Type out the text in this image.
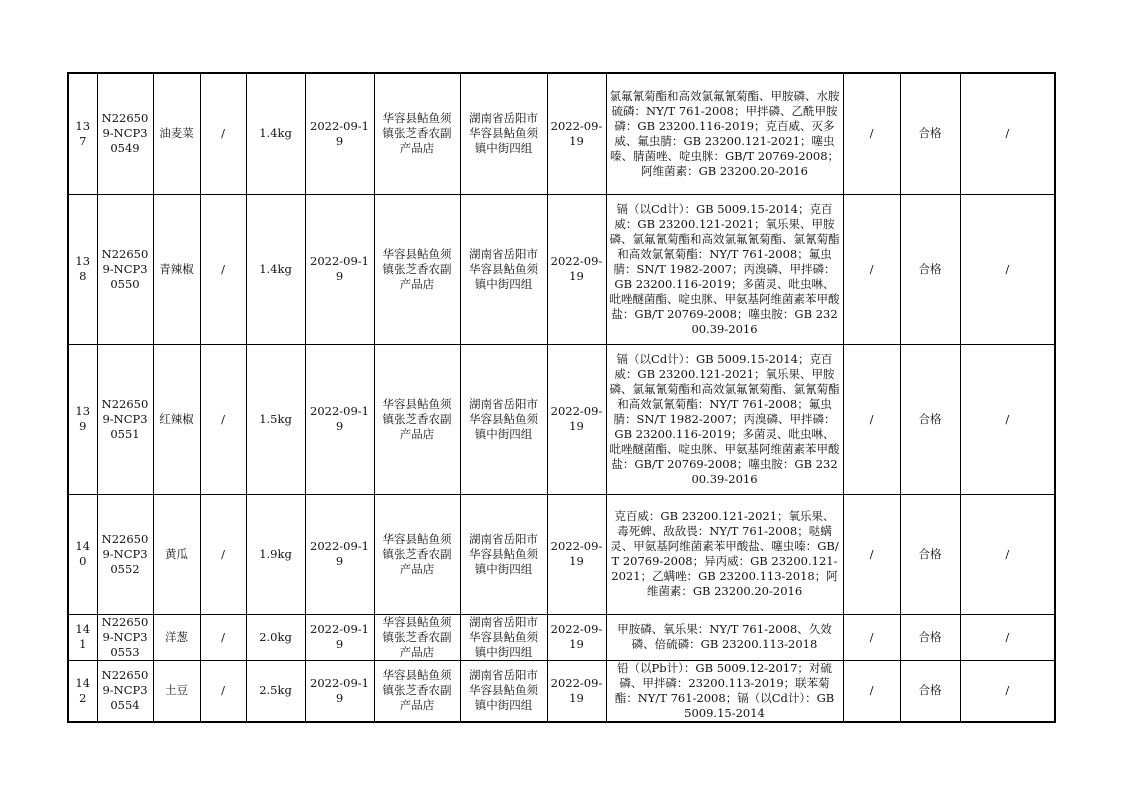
137	N226509-NCP30549	油麦菜	/	1.4kg	2022-09-19	华容县鲇鱼须镇张芝香农副产品店	湖南省岳阳市华容县鲇鱼须镇中街四组	2022-09-19	氯氟氰菊酯和高效氯氟氰菊酯、甲胺磷、水胺硫磷：NY/T 761-2008；甲拌磷、乙酰甲胺磷：GB 23200.116-2019；克百威、灭多威、氟虫腈：GB 23200.121-2021；噻虫嗪、腈菌唑、啶虫脒：GB/T 20769-2008；阿维菌素：GB 23200.20-2016	/	合格	/
138	N226509-NCP30550	青辣椒	/	1.4kg	2022-09-19	华容县鲇鱼须镇张芝香农副产品店	湖南省岳阳市华容县鲇鱼须镇中街四组	2022-09-19	镉（以Cd计）：GB 5009.15-2014；克百威：GB 23200.121-2021；氧乐果、甲胺磷、氯氟氰菊酯和高效氯氟氰菊酯、氯氰菊酯和高效氯氰菊酯：NY/T 761-2008；氟虫腈：SN/T 1982-2007；丙溴磷、甲拌磷：GB 23200.116-2019；多菌灵、吡虫啉、吡唑醚菌酯、啶虫脒、甲氨基阿维菌素苯甲酸盐：GB/T 20769-2008；噻虫胺：GB 23200.39-2016	/	合格	/
139	N226509-NCP30551	红辣椒	/	1.5kg	2022-09-19	华容县鲇鱼须镇张芝香农副产品店	湖南省岳阳市华容县鲇鱼须镇中街四组	2022-09-19	镉（以Cd计）：GB 5009.15-2014；克百威：GB 23200.121-2021；氧乐果、甲胺磷、氯氟氰菊酯和高效氯氟氰菊酯、氯氰菊酯和高效氯氰菊酯：NY/T 761-2008；氟虫腈：SN/T 1982-2007；丙溴磷、甲拌磷：GB 23200.116-2019；多菌灵、吡虫啉、吡唑醚菌酯、啶虫脒、甲氨基阿维菌素苯甲酸盐：GB/T 20769-2008；噻虫胺：GB 23200.39-2016	/	合格	/
140	N226509-NCP30552	黄瓜	/	1.9kg	2022-09-19	华容县鲇鱼须镇张芝香农副产品店	湖南省岳阳市华容县鲇鱼须镇中街四组	2022-09-19	克百威：GB 23200.121-2021；氧乐果、毒死蜱、敌敌畏：NY/T 761-2008；哒螨灵、甲氨基阿维菌素苯甲酸盐、噻虫嗪：GB/T 20769-2008；异丙威：GB 23200.121-2021；乙螨唑：GB 23200.113-2018；阿维菌素：GB 23200.20-2016	/	合格	/
141	N226509-NCP30553	洋葱	/	2.0kg	2022-09-19	华容县鲇鱼须镇张芝香农副产品店	湖南省岳阳市华容县鲇鱼须镇中街四组	2022-09-19	甲胺磷、氧乐果：NY/T 761-2008、久效磷、倍硫磷：GB 23200.113-2018	/	合格	/
142	N226509-NCP30554	土豆	/	2.5kg	2022-09-19	华容县鲇鱼须镇张芝香农副产品店	湖南省岳阳市华容县鲇鱼须镇中街四组	2022-09-19	铅（以Pb计）：GB 5009.12-2017；对硫磷、甲拌磷：23200.113-2019；联苯菊酯：NY/T 761-2008；镉（以Cd计）：GB 5009.15-2014	/	合格	/
